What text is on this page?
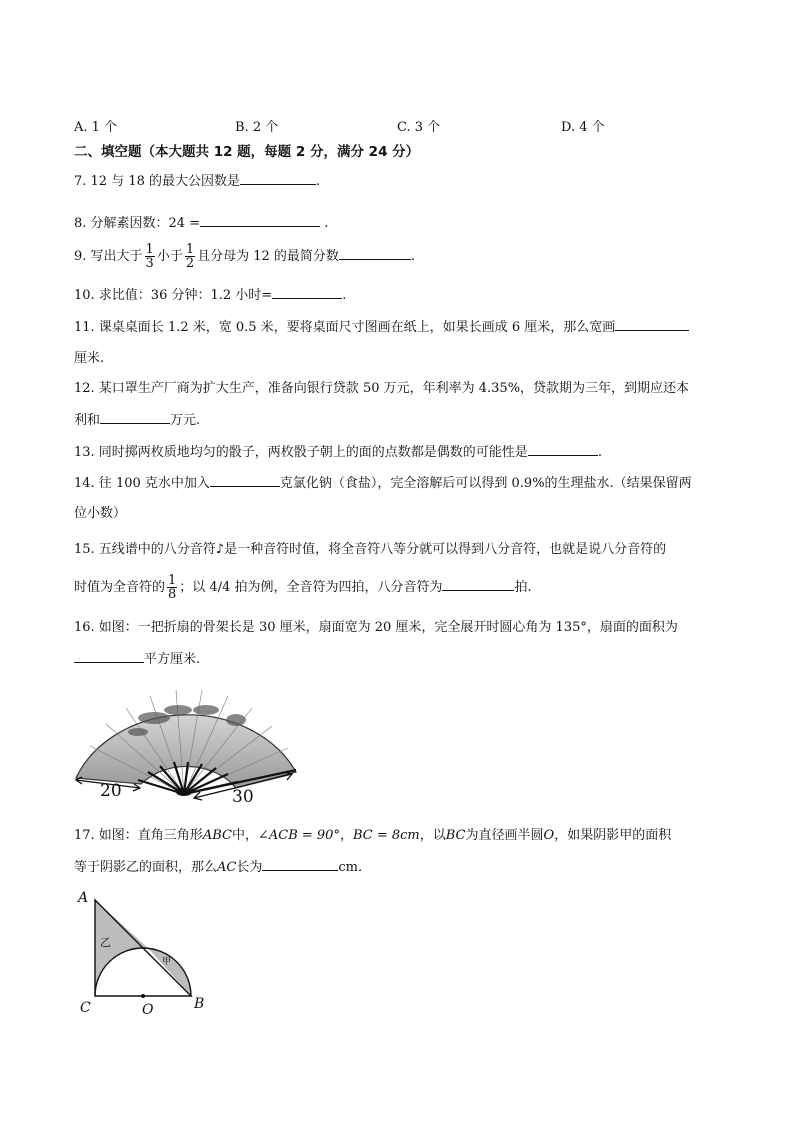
A. 1 个	B. 2 个	C. 3 个	D. 4 个
二、填空题（本大题共 12 题，每题 2 分，满分 24 分）
7. 12 与 18 的最大公因数是	.
8. 分解素因数：24 =	.
9. 写出大于 $\frac{1}{3}$ 小于 $\frac{1}{2}$ 且分母为 12 的最简分数	.
10. 求比值：36 分钟：1.2 小时=	.
11. 课桌桌面长 1.2 米，宽 0.5 米，要将桌面尺寸图画在纸上，如果长画成 6 厘米，那么宽画
厘米.
12. 某口罩生产厂商为扩大生产，准备向银行贷款 50 万元，年利率为 4.35%，贷款期为三年，到期应还本
利和	万元.
13. 同时掷两枚质地均匀的骰子，两枚骰子朝上的面的点数都是偶数的可能性是	.
14. 往 100 克水中加入	克氯化钠（食盐），完全溶解后可以得到 0.9%的生理盐水.（结果保留两
位小数）
15. 五线谱中的八分音符♪是一种音符时值，将全音符八等分就可以得到八分音符，也就是说八分音符的
时值为全音符的 $\frac{1}{8}$ ；以 4/4 拍为例，全音符为四拍，八分音符为	拍.
16. 如图：一把折扇的骨架长是 30 厘米，扇面宽为 20 厘米，完全展开时圆心角为 135°，扇面的面积为
平方厘米.
20	30
17. 如图：直角三角形ABC中，∠ACB = 90°，BC = 8cm，以BC为直径画半圆O，如果阴影甲的面积
等于阴影乙的面积，那么AC长为	cm.
A
B
C	O
乙
甲
